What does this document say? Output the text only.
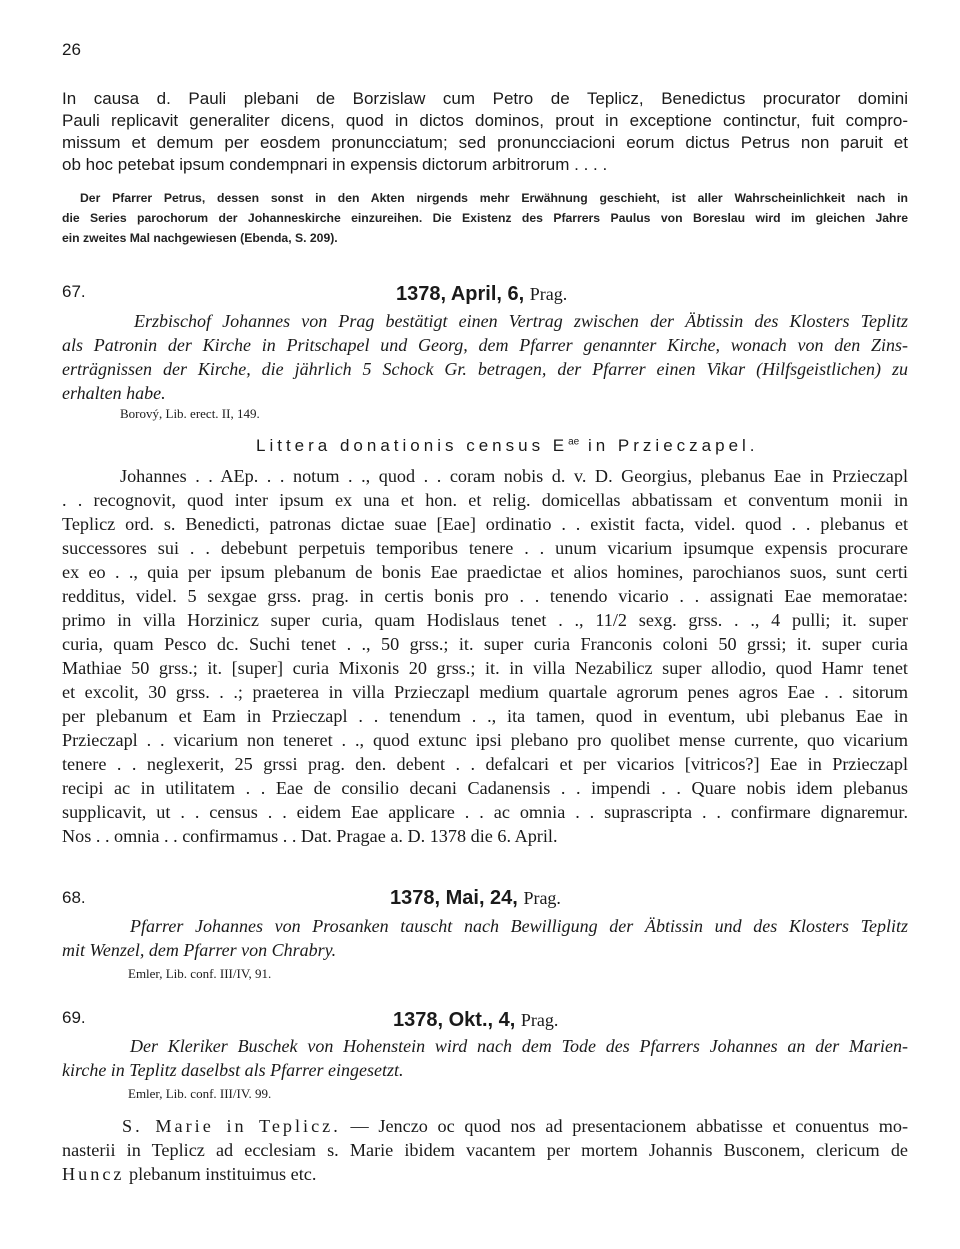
26
In causa d. Pauli plebani de Borzislaw cum Petro de Teplicz, Benedictus procurator domini
Pauli replicavit generaliter dicens, quod in dictos dominos, prout in exceptione continctur, fuit compro-
missum et demum per eosdem pronuncciatum; sed pronuncciacioni eorum dictus Petrus non paruit et
ob hoc petebat ipsum condempnari in expensis dictorum arbitrorum . . . .
Der Pfarrer Petrus, dessen sonst in den Akten nirgends mehr Erwähnung geschieht, ist aller Wahrscheinlichkeit nach in
die Series parochorum der Johanneskirche einzureihen. Die Existenz des Pfarrers Paulus von Boreslau wird im gleichen Jahre
ein zweites Mal nachgewiesen (Ebenda, S. 209).
67.	1378, April, 6, Prag.
Erzbischof Johannes von Prag bestätigt einen Vertrag zwischen der Äbtissin des Klosters Teplitz
als Patronin der Kirche in Pritschapel und Georg, dem Pfarrer genannter Kirche, wonach von den Zins-
erträgnissen der Kirche, die jährlich 5 Schock Gr. betragen, der Pfarrer einen Vikar (Hilfsgeistlichen) zu
erhalten habe.
Borový, Lib. erect. II, 149.
Littera donationis census $E^{ae}$ in Przieczapel.
Johannes . . AEp. . . notum . ., quod . . coram nobis d. v. D. Georgius, plebanus Eae in Przieczapl
. . recognovit, quod inter ipsum ex una et hon. et relig. domicellas abbatissam et conventum monii in
Teplicz ord. s. Benedicti, patronas dictae suae [Eae] ordinatio . . existit facta, videl. quod . . plebanus et
successores sui . . debebunt perpetuis temporibus tenere . . unum vicarium ipsumque expensis procurare
ex eo . ., quia per ipsum plebanum de bonis Eae praedictae et alios homines, parochianos suos, sunt certi
redditus, videl. 5 sexgae grss. prag. in certis bonis pro . . tenendo vicario . . assignati Eae memoratae:
primo in villa Horzinicz super curia, quam Hodislaus tenet . ., 11/2 sexg. grss. . ., 4 pulli; it. super
curia, quam Pesco dc. Suchi tenet . ., 50 grss.; it. super curia Franconis coloni 50 grssi; it. super curia
Mathiae 50 grss.; it. [super] curia Mixonis 20 grss.; it. in villa Nezabilicz super allodio, quod Hamr tenet
et excolit, 30 grss. . .; praeterea in villa Przieczapl medium quartale agrorum penes agros Eae . . sitorum
per plebanum et Eam in Przieczapl . . tenendum . ., ita tamen, quod in eventum, ubi plebanus Eae in
Przieczapl . . vicarium non teneret . ., quod extunc ipsi plebano pro quolibet mense currente, quo vicarium
tenere . . neglexerit, 25 grssi prag. den. debent . . defalcari et per vicarios [vitricos?] Eae in Przieczapl
recipi ac in utilitatem . . Eae de consilio decani Cadanensis . . impendi . . Quare nobis idem plebanus
supplicavit, ut . . census . . eidem Eae applicare . . ac omnia . . suprascripta . . confirmare dignaremur.
Nos . . omnia . . confirmamus . . Dat. Pragae a. D. 1378 die 6. April.
68.	1378, Mai, 24, Prag.
Pfarrer Johannes von Prosanken tauscht nach Bewilligung der Äbtissin und des Klosters Teplitz
mit Wenzel, dem Pfarrer von Chrabry.
Emler, Lib. conf. III/IV, 91.
69.	1378, Okt., 4, Prag.
Der Kleriker Buschek von Hohenstein wird nach dem Tode des Pfarrers Johannes an der Marien-
kirche in Teplitz daselbst als Pfarrer eingesetzt.
Emler, Lib. conf. III/IV. 99.
S. Marie in Teplicz. — Jenczo oc quod nos ad presentacionem abbatisse et conuentus mo-
nasterii in Teplicz ad ecclesiam s. Marie ibidem vacantem per mortem Johannis Busconem, clericum de
Huncz plebanum instituimus etc.
